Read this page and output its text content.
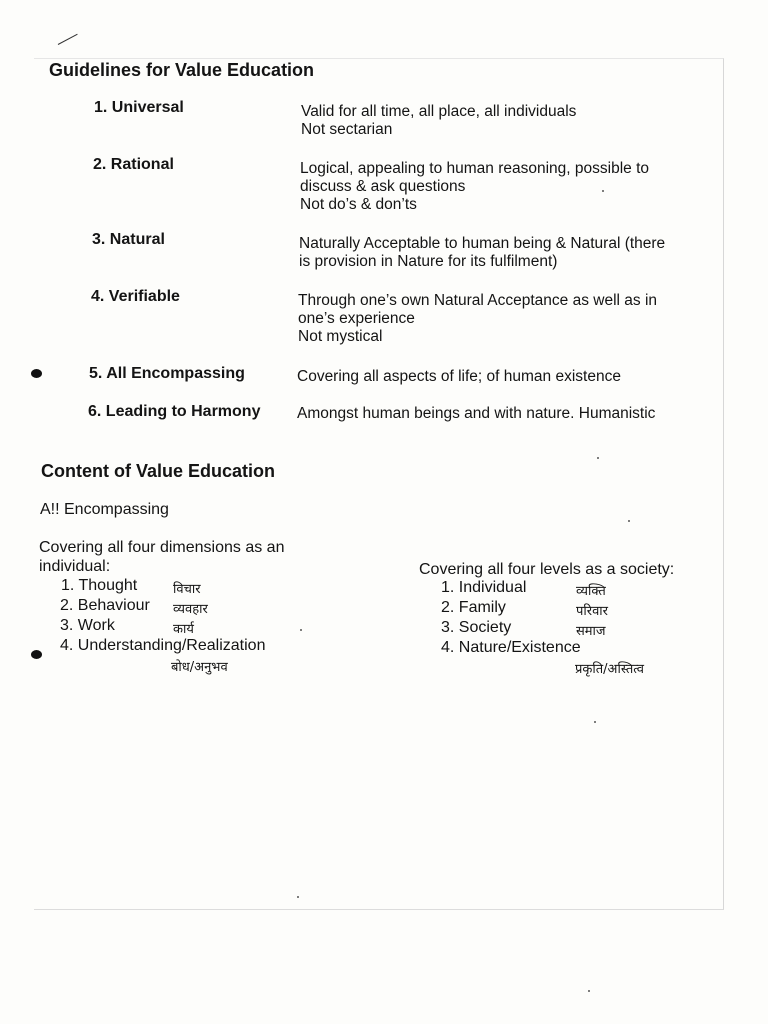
Guidelines for Value Education
1. Universal	Valid for all time, all place, all individuals
Not sectarian
2. Rational	Logical, appealing to human reasoning, possible to
discuss & ask questions
Not do’s & don’ts
3. Natural	Naturally Acceptable to human being & Natural (there
is provision in Nature for its fulfilment)
4. Verifiable	Through one’s own Natural Acceptance as well as in
one’s experience
Not mystical
5. All Encompassing	Covering all aspects of life; of human existence
6. Leading to Harmony Amongst human beings and with nature. Humanistic
Content of Value Education
A!! Encompassing
Covering all four dimensions as an
individual:
1. Thought	विचार
2. Behaviour व्यवहार
3. Work	कार्य
4. Understanding/Realization
बोध/अनुभव
Covering all four levels as a society:
1. Individual	व्यक्ति
2. Family	परिवार
3. Society	समाज
4. Nature/Existence
प्रकृति/अस्तित्व
